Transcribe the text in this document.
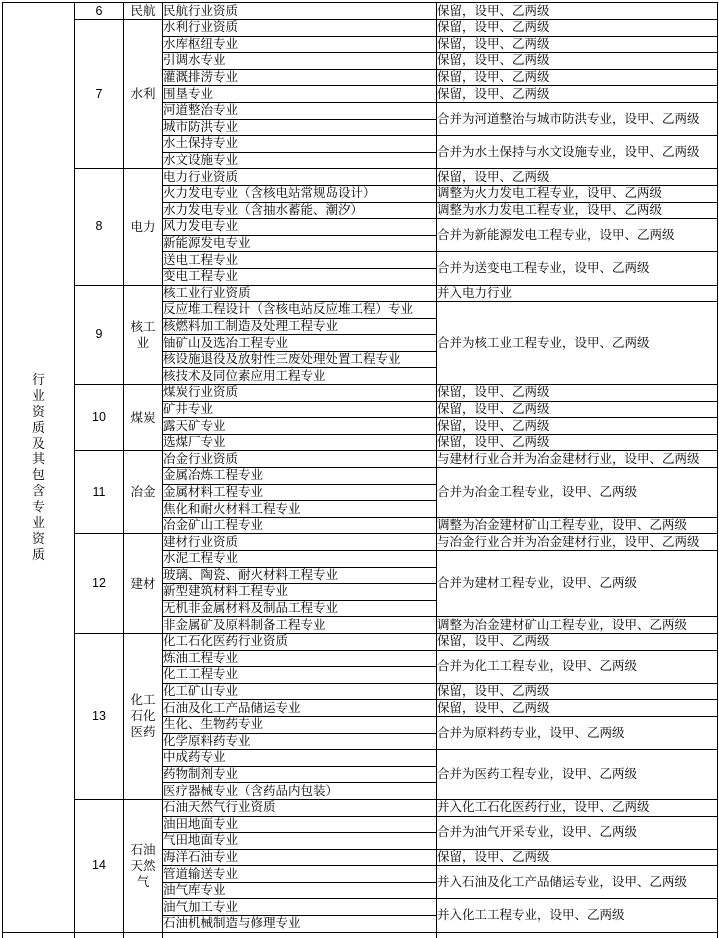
行业资质及其包含专业资质	6	民航	民航行业资质	保留，设甲、乙两级
	7	水利	水利行业资质	保留，设甲、乙两级
			水库枢纽专业	保留，设甲、乙两级
			引调水专业	保留，设甲、乙两级
			灌溉排涝专业	保留，设甲、乙两级
			围垦专业	保留，设甲、乙两级
			河道整治专业	合并为河道整治与城市防洪专业，设甲、乙两级
			城市防洪专业	
			水土保持专业	合并为水土保持与水文设施专业，设甲、乙两级
			水文设施专业	
	8	电力	电力行业资质	保留，设甲、乙两级
			火力发电专业（含核电站常规岛设计）	调整为火力发电工程专业，设甲、乙两级
			水力发电专业（含抽水蓄能、潮汐）	调整为水力发电工程专业，设甲、乙两级
			风力发电专业	合并为新能源发电工程专业，设甲、乙两级
			新能源发电专业	
			送电工程专业	合并为送变电工程专业，设甲、乙两级
			变电工程专业	
	9	核工业	核工业行业资质	并入电力行业
			反应堆工程设计（含核电站反应堆工程）专业	合并为核工业工程专业，设甲、乙两级
			核燃料加工制造及处理工程专业	
			铀矿山及选冶工程专业	
			核设施退役及放射性三废处理处置工程专业	
			核技术及同位素应用工程专业	
	10	煤炭	煤炭行业资质	保留，设甲、乙两级
			矿井专业	保留，设甲、乙两级
			露天矿专业	保留，设甲、乙两级
			选煤厂专业	保留，设甲、乙两级
	11	冶金	冶金行业资质	与建材行业合并为冶金建材行业，设甲、乙两级
			金属冶炼工程专业	合并为冶金工程专业，设甲、乙两级
			金属材料工程专业	
			焦化和耐火材料工程专业	
			冶金矿山工程专业	调整为冶金建材矿山工程专业，设甲、乙两级
	12	建材	建材行业资质	与冶金行业合并为冶金建材行业，设甲、乙两级
			水泥工程专业	合并为建材工程专业，设甲、乙两级
			玻璃、陶瓷、耐火材料工程专业	
			新型建筑材料工程专业	
			无机非金属材料及制品工程专业	
			非金属矿及原料制备工程专业	调整为冶金建材矿山工程专业，设甲、乙两级
	13	化工石化医药	化工石化医药行业资质	保留，设甲、乙两级
			炼油工程专业	合并为化工工程专业，设甲、乙两级
			化工工程专业	
			化工矿山专业	保留，设甲、乙两级
			石油及化工产品储运专业	保留，设甲、乙两级
			生化、生物药专业	合并为原料药专业，设甲、乙两级
			化学原料药专业	
			中成药专业	合并为医药工程专业，设甲、乙两级
			药物制剂专业	
			医疗器械专业（含药品内包装）	
	14	石油天然气	石油天然气行业资质	并入化工石化医药行业，设甲、乙两级
			油田地面专业	合并为油气开采专业，设甲、乙两级
			气田地面专业	
			海洋石油专业	保留，设甲、乙两级
			管道输送专业	并入石油及化工产品储运专业，设甲、乙两级
			油气库专业	
			油气加工专业	并入化工工程专业，设甲、乙两级
			石油机械制造与修理专业	
